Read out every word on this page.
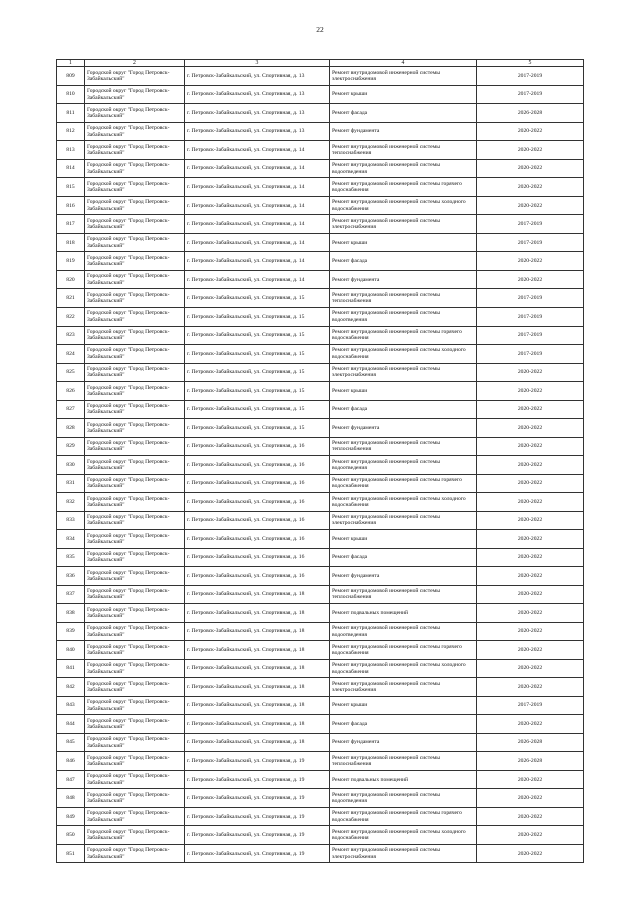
22
1	2	3	4	5
809	Городской округ "Город Петровск-Забайкальский"	г. Петровск-Забайкальский, ул. Спортивная, д. 13	Ремонт внутридомовой инженерной системы электроснабжения	2017-2019
810	Городской округ "Город Петровск-Забайкальский"	г. Петровск-Забайкальский, ул. Спортивная, д. 13	Ремонт крыши	2017-2019
811	Городской округ "Город Петровск-Забайкальский"	г. Петровск-Забайкальский, ул. Спортивная, д. 13	Ремонт фасада	2026-2028
812	Городской округ "Город Петровск-Забайкальский"	г. Петровск-Забайкальский, ул. Спортивная, д. 13	Ремонт фундамента	2020-2022
813	Городской округ "Город Петровск-Забайкальский"	г. Петровск-Забайкальский, ул. Спортивная, д. 14	Ремонт внутридомовой инженерной системы теплоснабжения	2020-2022
814	Городской округ "Город Петровск-Забайкальский"	г. Петровск-Забайкальский, ул. Спортивная, д. 14	Ремонт внутридомовой инженерной системы водоотведения	2020-2022
815	Городской округ "Город Петровск-Забайкальский"	г. Петровск-Забайкальский, ул. Спортивная, д. 14	Ремонт внутридомовой инженерной системы горячего водоснабжения	2020-2022
816	Городской округ "Город Петровск-Забайкальский"	г. Петровск-Забайкальский, ул. Спортивная, д. 14	Ремонт внутридомовой инженерной системы холодного водоснабжения	2020-2022
817	Городской округ "Город Петровск-Забайкальский"	г. Петровск-Забайкальский, ул. Спортивная, д. 14	Ремонт внутридомовой инженерной системы электроснабжения	2017-2019
818	Городской округ "Город Петровск-Забайкальский"	г. Петровск-Забайкальский, ул. Спортивная, д. 14	Ремонт крыши	2017-2019
819	Городской округ "Город Петровск-Забайкальский"	г. Петровск-Забайкальский, ул. Спортивная, д. 14	Ремонт фасада	2020-2022
820	Городской округ "Город Петровск-Забайкальский"	г. Петровск-Забайкальский, ул. Спортивная, д. 14	Ремонт фундамента	2020-2022
821	Городской округ "Город Петровск-Забайкальский"	г. Петровск-Забайкальский, ул. Спортивная, д. 15	Ремонт внутридомовой инженерной системы теплоснабжения	2017-2019
822	Городской округ "Город Петровск-Забайкальский"	г. Петровск-Забайкальский, ул. Спортивная, д. 15	Ремонт внутридомовой инженерной системы водоотведения	2017-2019
823	Городской округ "Город Петровск-Забайкальский"	г. Петровск-Забайкальский, ул. Спортивная, д. 15	Ремонт внутридомовой инженерной системы горячего водоснабжения	2017-2019
824	Городской округ "Город Петровск-Забайкальский"	г. Петровск-Забайкальский, ул. Спортивная, д. 15	Ремонт внутридомовой инженерной системы холодного водоснабжения	2017-2019
825	Городской округ "Город Петровск-Забайкальский"	г. Петровск-Забайкальский, ул. Спортивная, д. 15	Ремонт внутридомовой инженерной системы электроснабжения	2020-2022
826	Городской округ "Город Петровск-Забайкальский"	г. Петровск-Забайкальский, ул. Спортивная, д. 15	Ремонт крыши	2020-2022
827	Городской округ "Город Петровск-Забайкальский"	г. Петровск-Забайкальский, ул. Спортивная, д. 15	Ремонт фасада	2020-2022
828	Городской округ "Город Петровск-Забайкальский"	г. Петровск-Забайкальский, ул. Спортивная, д. 15	Ремонт фундамента	2020-2022
829	Городской округ "Город Петровск-Забайкальский"	г. Петровск-Забайкальский, ул. Спортивная, д. 16	Ремонт внутридомовой инженерной системы теплоснабжения	2020-2022
830	Городской округ "Город Петровск-Забайкальский"	г. Петровск-Забайкальский, ул. Спортивная, д. 16	Ремонт внутридомовой инженерной системы водоотведения	2020-2022
831	Городской округ "Город Петровск-Забайкальский"	г. Петровск-Забайкальский, ул. Спортивная, д. 16	Ремонт внутридомовой инженерной системы горячего водоснабжения	2020-2022
832	Городской округ "Город Петровск-Забайкальский"	г. Петровск-Забайкальский, ул. Спортивная, д. 16	Ремонт внутридомовой инженерной системы холодного водоснабжения	2020-2022
833	Городской округ "Город Петровск-Забайкальский"	г. Петровск-Забайкальский, ул. Спортивная, д. 16	Ремонт внутридомовой инженерной системы электроснабжения	2020-2022
834	Городской округ "Город Петровск-Забайкальский"	г. Петровск-Забайкальский, ул. Спортивная, д. 16	Ремонт крыши	2020-2022
835	Городской округ "Город Петровск-Забайкальский"	г. Петровск-Забайкальский, ул. Спортивная, д. 16	Ремонт фасада	2020-2022
836	Городской округ "Город Петровск-Забайкальский"	г. Петровск-Забайкальский, ул. Спортивная, д. 16	Ремонт фундамента	2020-2022
837	Городской округ "Город Петровск-Забайкальский"	г. Петровск-Забайкальский, ул. Спортивная, д. 18	Ремонт внутридомовой инженерной системы теплоснабжения	2020-2022
838	Городской округ "Город Петровск-Забайкальский"	г. Петровск-Забайкальский, ул. Спортивная, д. 18	Ремонт подвальных помещений	2020-2022
839	Городской округ "Город Петровск-Забайкальский"	г. Петровск-Забайкальский, ул. Спортивная, д. 18	Ремонт внутридомовой инженерной системы водоотведения	2020-2022
840	Городской округ "Город Петровск-Забайкальский"	г. Петровск-Забайкальский, ул. Спортивная, д. 18	Ремонт внутридомовой инженерной системы горячего водоснабжения	2020-2022
841	Городской округ "Город Петровск-Забайкальский"	г. Петровск-Забайкальский, ул. Спортивная, д. 18	Ремонт внутридомовой инженерной системы холодного водоснабжения	2020-2022
842	Городской округ "Город Петровск-Забайкальский"	г. Петровск-Забайкальский, ул. Спортивная, д. 18	Ремонт внутридомовой инженерной системы электроснабжения	2020-2022
843	Городской округ "Город Петровск-Забайкальский"	г. Петровск-Забайкальский, ул. Спортивная, д. 18	Ремонт крыши	2017-2019
844	Городской округ "Город Петровск-Забайкальский"	г. Петровск-Забайкальский, ул. Спортивная, д. 18	Ремонт фасада	2020-2022
845	Городской округ "Город Петровск-Забайкальский"	г. Петровск-Забайкальский, ул. Спортивная, д. 18	Ремонт фундамента	2026-2028
846	Городской округ "Город Петровск-Забайкальский"	г. Петровск-Забайкальский, ул. Спортивная, д. 19	Ремонт внутридомовой инженерной системы теплоснабжения	2026-2028
847	Городской округ "Город Петровск-Забайкальский"	г. Петровск-Забайкальский, ул. Спортивная, д. 19	Ремонт подвальных помещений	2020-2022
848	Городской округ "Город Петровск-Забайкальский"	г. Петровск-Забайкальский, ул. Спортивная, д. 19	Ремонт внутридомовой инженерной системы водоотведения	2020-2022
849	Городской округ "Город Петровск-Забайкальский"	г. Петровск-Забайкальский, ул. Спортивная, д. 19	Ремонт внутридомовой инженерной системы горячего водоснабжения	2020-2022
850	Городской округ "Город Петровск-Забайкальский"	г. Петровск-Забайкальский, ул. Спортивная, д. 19	Ремонт внутридомовой инженерной системы холодного водоснабжения	2020-2022
851	Городской округ "Город Петровск-Забайкальский"	г. Петровск-Забайкальский, ул. Спортивная, д. 19	Ремонт внутридомовой инженерной системы электроснабжения	2020-2022
